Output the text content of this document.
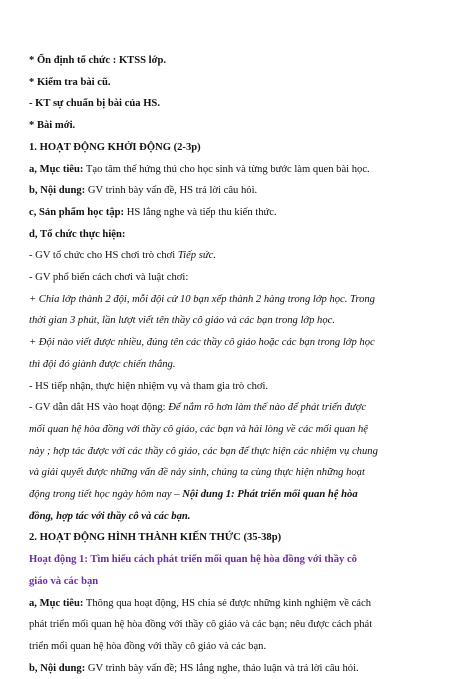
* Ổn định tổ chức : KTSS lớp.
* Kiểm tra bài cũ.
- KT sự chuẩn bị bài của HS.
* Bài mới.
1. HOẠT ĐỘNG KHỞI ĐỘNG (2-3p)
a, Mục tiêu: Tạo tâm thế hứng thú cho học sinh và từng bước làm quen bài học.
b, Nội dung: GV trình bày vấn đề, HS trả lời câu hỏi.
c, Sản phẩm học tập: HS lắng nghe và tiếp thu kiến thức.
d, Tổ chức thực hiện:
- GV tổ chức cho HS chơi trò chơi Tiếp sức.
- GV phổ biến cách chơi và luật chơi:
+ Chia lớp thành 2 đội, mỗi đội cử 10 bạn xếp thành 2 hàng trong lớp học. Trong
thời gian 3 phút, lần lượt viết tên thầy cô giáo và các bạn trong lớp học.
+ Đội nào viết được nhiều, đúng tên các thầy cô giáo hoặc các bạn trong lớp học
thì đội đó giành được chiến thắng.
- HS tiếp nhận, thực hiện nhiệm vụ và tham gia trò chơi.
- GV dẫn dắt HS vào hoạt động: Để nắm rõ hơn làm thế nào để phát triển được
mối quan hệ hòa đồng với thầy cô giáo, các bạn và hài lòng về các mối quan hệ
này ; hợp tác được với các thầy cô giáo, các bạn để thực hiện các nhiệm vụ chung
và giải quyết được những vấn đề nảy sinh, chúng ta cùng thực hiện những hoạt
động trong tiết học ngày hôm nay – Nội dung 1: Phát triển mối quan hệ hòa
đồng, hợp tác với thầy cô và các bạn.
2. HOẠT ĐỘNG HÌNH THÀNH KIẾN THỨC (35-38p)
Hoạt động 1: Tìm hiểu cách phát triển mối quan hệ hòa đồng với thầy cô
giáo và các bạn
a, Mục tiêu: Thông qua hoạt động, HS chia sẻ được những kinh nghiệm về cách
phát triển mối quan hệ hòa đồng với thầy cô giáo và các bạn; nêu được cách phát
triển mối quan hệ hòa đồng với thầy cô giáo và các bạn.
b, Nội dung: GV trình bày vấn đề; HS lắng nghe, thảo luận và trả lời câu hỏi.
